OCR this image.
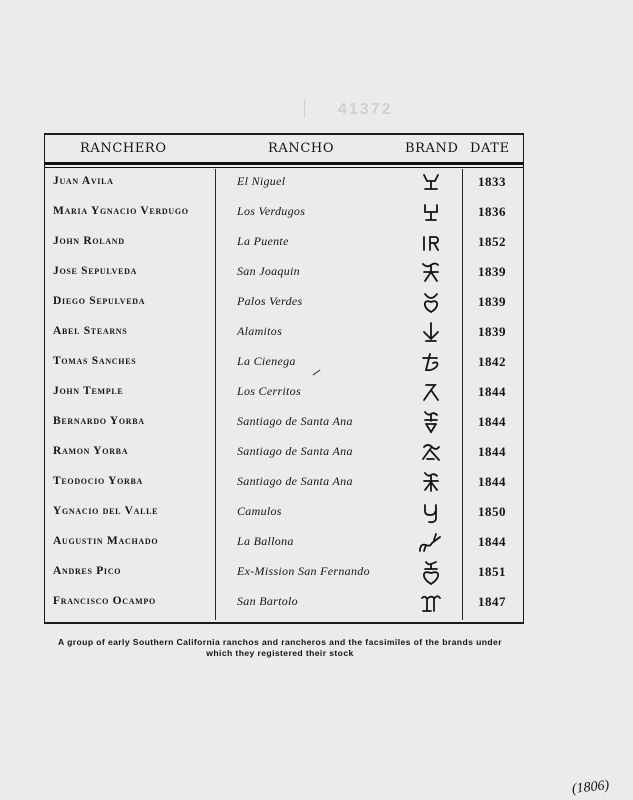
41372
RANCHERO	RANCHO	BRAND DATE
Juan Avila	El Niguel	1833
Maria Ygnacio Verdugo	Los Verdugos	1836
John Roland	La Puente	1852
Jose Sepulveda	San Joaquin	1839
Diego Sepulveda	Palos Verdes	1839
Abel Stearns	Alamitos	1839
Tomas Sanches	La Cienega	1842
John Temple	Los Cerritos	1844
Bernardo Yorba	Santiago de Santa Ana	1844
Ramon Yorba	Santiago de Santa Ana	1844
Teodocio Yorba	Santiago de Santa Ana	1844
Ygnacio del Valle	Camulos	1850
Augustin Machado	La Ballona	1844
Andres Pico	Ex-Mission San Fernando	1851
Francisco Ocampo	San Bartolo	1847
A group of early Southern California ranchos and rancheros and the facsimiles of the brands under which they registered their stock
(1806)
